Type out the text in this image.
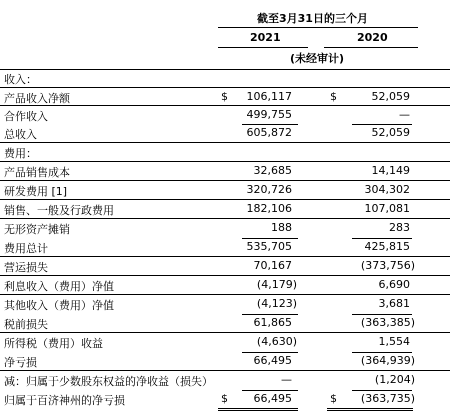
截至3月31日的三个月
2021	2020
(未经审计)
收入：
产品收入净额	$ 106,117	$	52,059
合作收入	499,755	—
总收入	605,872	52,059
费用：
产品销售成本	32,685	14,149
研发费用 [1]	320,726	304,302
销售、一般及行政费用	182,106	107,081
无形资产摊销	188	283
费用总计	535,705	425,815
营运损失	70,167	(373,756)
利息收入（费用）净值	(4,179)	6,690
其他收入（费用）净值	(4,123)	3,681
税前损失	61,865	(363,385)
所得税（费用）收益	(4,630)	1,554
净亏损	66,495	(364,939)
减：归属于少数股东权益的净收益（损失）	—	(1,204)
归属于百济神州的净亏损	$ 66,495	$ (363,735)
